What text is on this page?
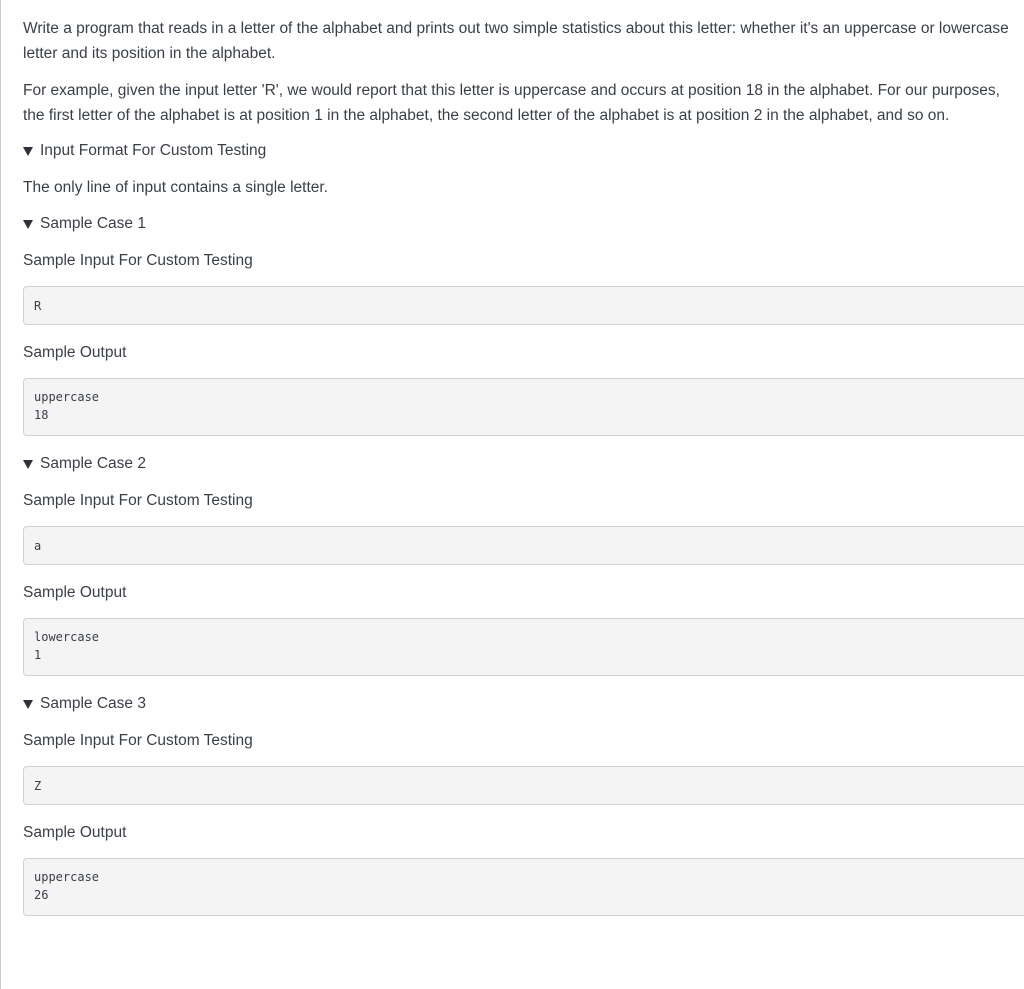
Write a program that reads in a letter of the alphabet and prints out two simple statistics about this letter: whether it's an uppercase or lowercase letter and its position in the alphabet.

For example, given the input letter 'R', we would report that this letter is uppercase and occurs at position 18 in the alphabet. For our purposes, the first letter of the alphabet is at position 1 in the alphabet, the second letter of the alphabet is at position 2 in the alphabet, and so on.

Input Format For Custom Testing

The only line of input contains a single letter.

Sample Case 1

Sample Input For Custom Testing

R

Sample Output

uppercase
18
Sample Case 2

Sample Input For Custom Testing

a

Sample Output

lowercase
1
Sample Case 3

Sample Input For Custom Testing

Z

Sample Output

uppercase
26
